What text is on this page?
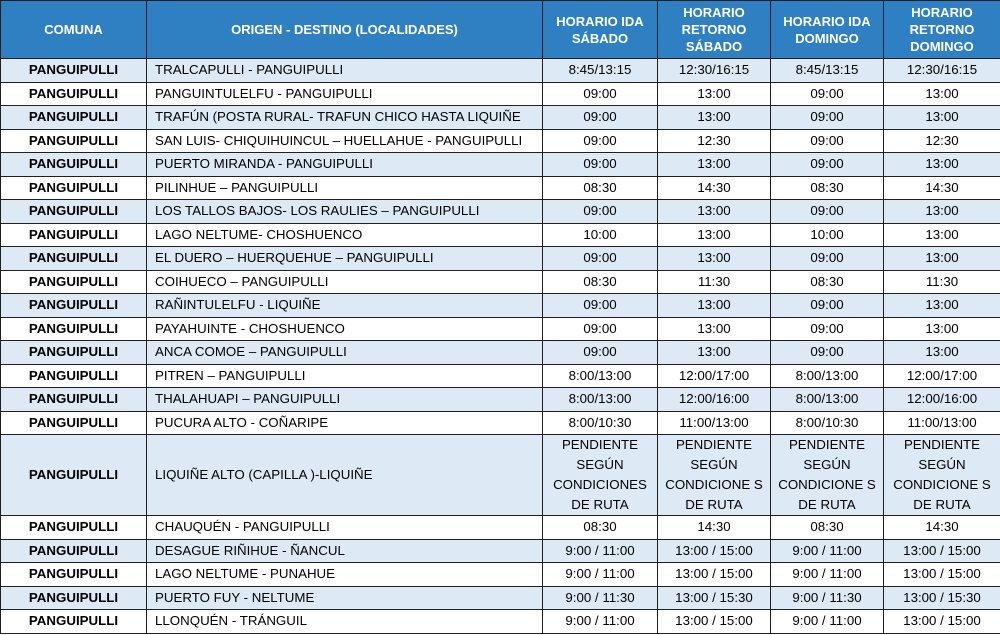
COMUNA	ORIGEN - DESTINO (LOCALIDADES)	HORARIO IDA SÁBADO	HORARIO RETORNO SÁBADO	HORARIO IDA DOMINGO	HORARIO RETORNO DOMINGO
PANGUIPULLI	TRALCAPULLI - PANGUIPULLI	8:45/13:15	12:30/16:15	8:45/13:15	12:30/16:15
PANGUIPULLI	PANGUINTULELFU - PANGUIPULLI	09:00	13:00	09:00	13:00
PANGUIPULLI	TRAFÚN (POSTA RURAL- TRAFUN CHICO HASTA LIQUIÑE	09:00	13:00	09:00	13:00
PANGUIPULLI	SAN LUIS- CHIQUIHUINCUL – HUELLAHUE - PANGUIPULLI	09:00	12:30	09:00	12:30
PANGUIPULLI	PUERTO MIRANDA - PANGUIPULLI	09:00	13:00	09:00	13:00
PANGUIPULLI	PILINHUE – PANGUIPULLI	08:30	14:30	08:30	14:30
PANGUIPULLI	LOS TALLOS BAJOS- LOS RAULIES – PANGUIPULLI	09:00	13:00	09:00	13:00
PANGUIPULLI	LAGO NELTUME- CHOSHUENCO	10:00	13:00	10:00	13:00
PANGUIPULLI	EL DUERO – HUERQUEHUE – PANGUIPULLI	09:00	13:00	09:00	13:00
PANGUIPULLI	COIHUECO – PANGUIPULLI	08:30	11:30	08:30	11:30
PANGUIPULLI	RAÑINTULELFU - LIQUIÑE	09:00	13:00	09:00	13:00
PANGUIPULLI	PAYAHUINTE - CHOSHUENCO	09:00	13:00	09:00	13:00
PANGUIPULLI	ANCA COMOE – PANGUIPULLI	09:00	13:00	09:00	13:00
PANGUIPULLI	PITREN – PANGUIPULLI	8:00/13:00	12:00/17:00	8:00/13:00	12:00/17:00
PANGUIPULLI	THALAHUAPI – PANGUIPULLI	8:00/13:00	12:00/16:00	8:00/13:00	12:00/16:00
PANGUIPULLI	PUCURA ALTO - COÑARIPE	8:00/10:30	11:00/13:00	8:00/10:30	11:00/13:00
PANGUIPULLI	LIQUIÑE ALTO (CAPILLA )-LIQUIÑE	PENDIENTE SEGÚN CONDICIONES DE RUTA	PENDIENTE SEGÚN CONDICIONE S DE RUTA	PENDIENTE SEGÚN CONDICIONE S DE RUTA	PENDIENTE SEGÚN CONDICIONE S DE RUTA
PANGUIPULLI	CHAUQUÉN - PANGUIPULLI	08:30	14:30	08:30	14:30
PANGUIPULLI	DESAGUE RIÑIHUE - ÑANCUL	9:00 / 11:00	13:00 / 15:00	9:00 / 11:00	13:00 / 15:00
PANGUIPULLI	LAGO NELTUME - PUNAHUE	9:00 / 11:00	13:00 / 15:00	9:00 / 11:00	13:00 / 15:00
PANGUIPULLI	PUERTO FUY - NELTUME	9:00 / 11:30	13:00 / 15:30	9:00 / 11:30	13:00 / 15:30
PANGUIPULLI	LLONQUÉN - TRÁNGUIL	9:00 / 11:00	13:00 / 15:00	9:00 / 11:00	13:00 / 15:00
